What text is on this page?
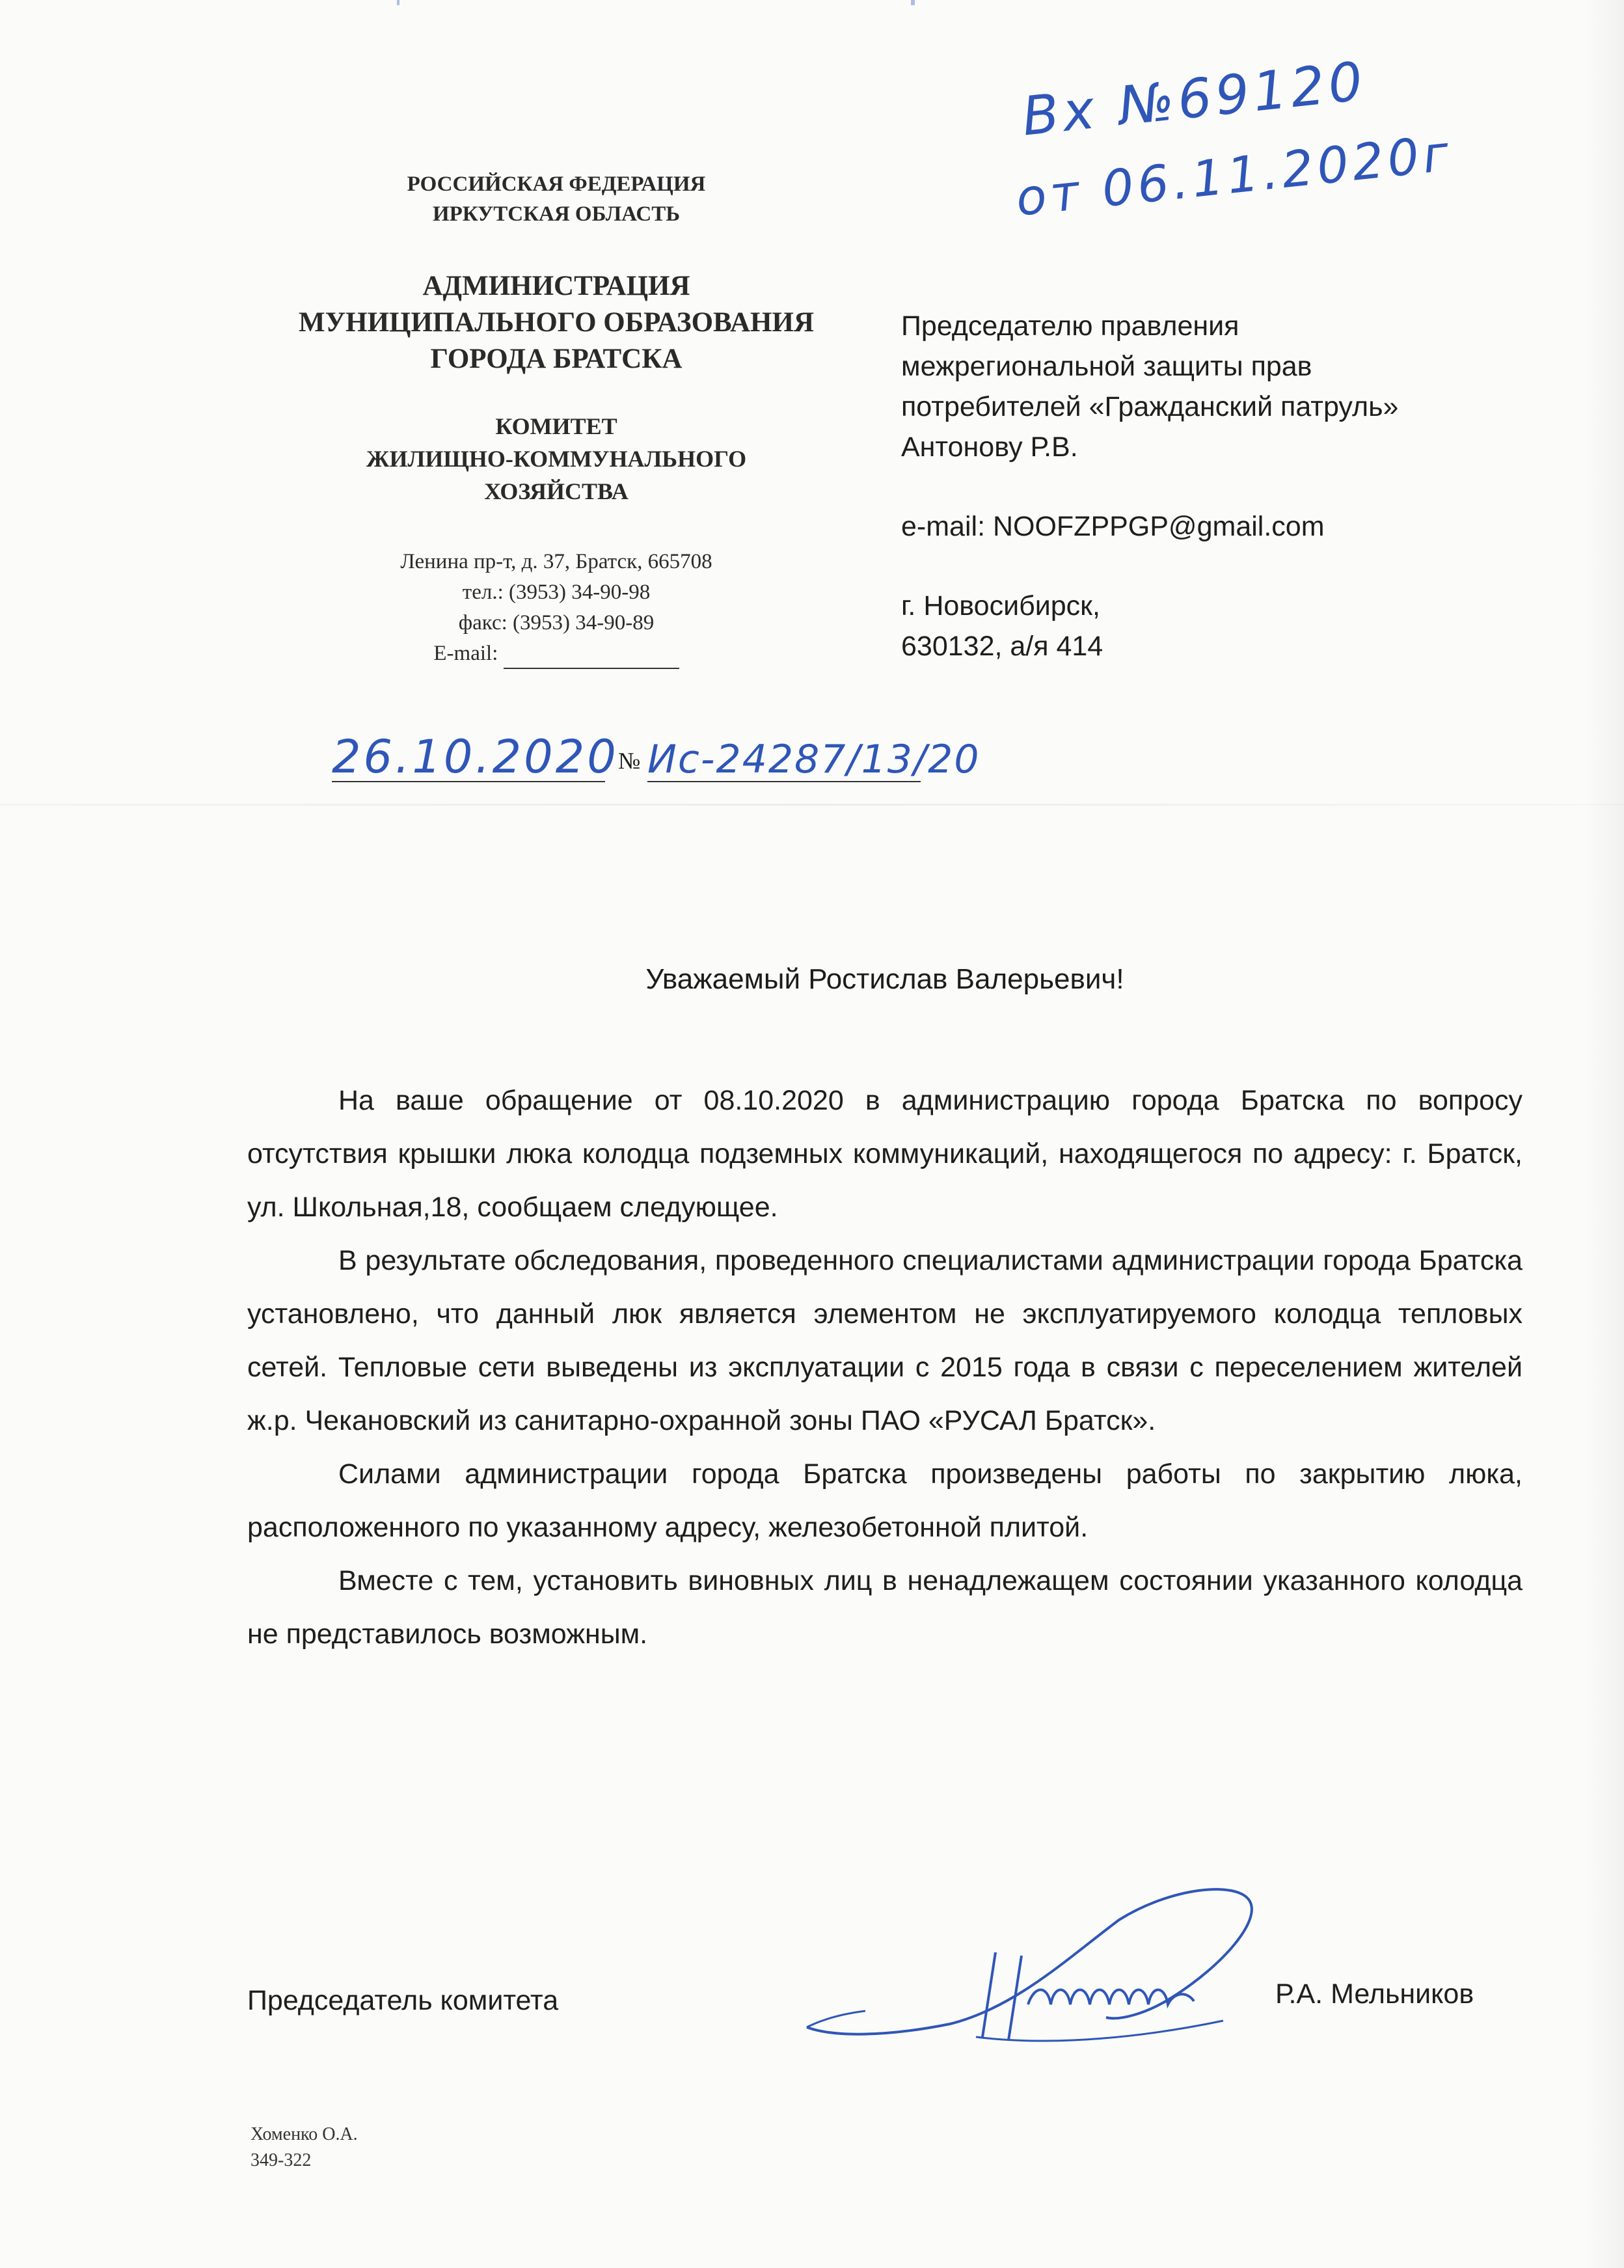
Вх №69120
от 06.11.2020г
РОССИЙСКАЯ ФЕДЕРАЦИЯ
ИРКУТСКАЯ ОБЛАСТЬ
АДМИНИСТРАЦИЯ
МУНИЦИПАЛЬНОГО ОБРАЗОВАНИЯ
ГОРОДА БРАТСКА
КОМИТЕТ
ЖИЛИЩНО-КОММУНАЛЬНОГО
ХОЗЯЙСТВА
Ленина пр-т, д. 37, Братск, 665708
тел.: (3953) 34-90-98
факс: (3953) 34-90-89
E-mail:
26.10.2020 № Ис-24287/13/20
Председателю правления
межрегиональной защиты прав
потребителей «Гражданский патруль»
Антонову Р.В.
e-mail: NOOFZPPGP@gmail.com
г. Новосибирск,
630132, а/я 414
Уважаемый Ростислав Валерьевич!

На ваше обращение от 08.10.2020 в администрацию города Братска по вопросу отсутствия крышки люка колодца подземных коммуникаций, находящегося по адресу: г. Братск, ул. Школьная,18, сообщаем следующее.

В результате обследования, проведенного специалистами администрации города Братска установлено, что данный люк является элементом не эксплуатируемого колодца тепловых сетей. Тепловые сети выведены из эксплуатации с 2015 года в связи с переселением жителей ж.р. Чекановский из санитарно-охранной зоны ПАО «РУСАЛ Братск».

Силами администрации города Братска произведены работы по закрытию люка, расположенного по указанному адресу, железобетонной плитой.

Вместе с тем, установить виновных лиц в ненадлежащем состоянии указанного колодца не представилось возможным.

Председатель комитета	Р.А. Мельников
Хоменко О.А.
349-322
